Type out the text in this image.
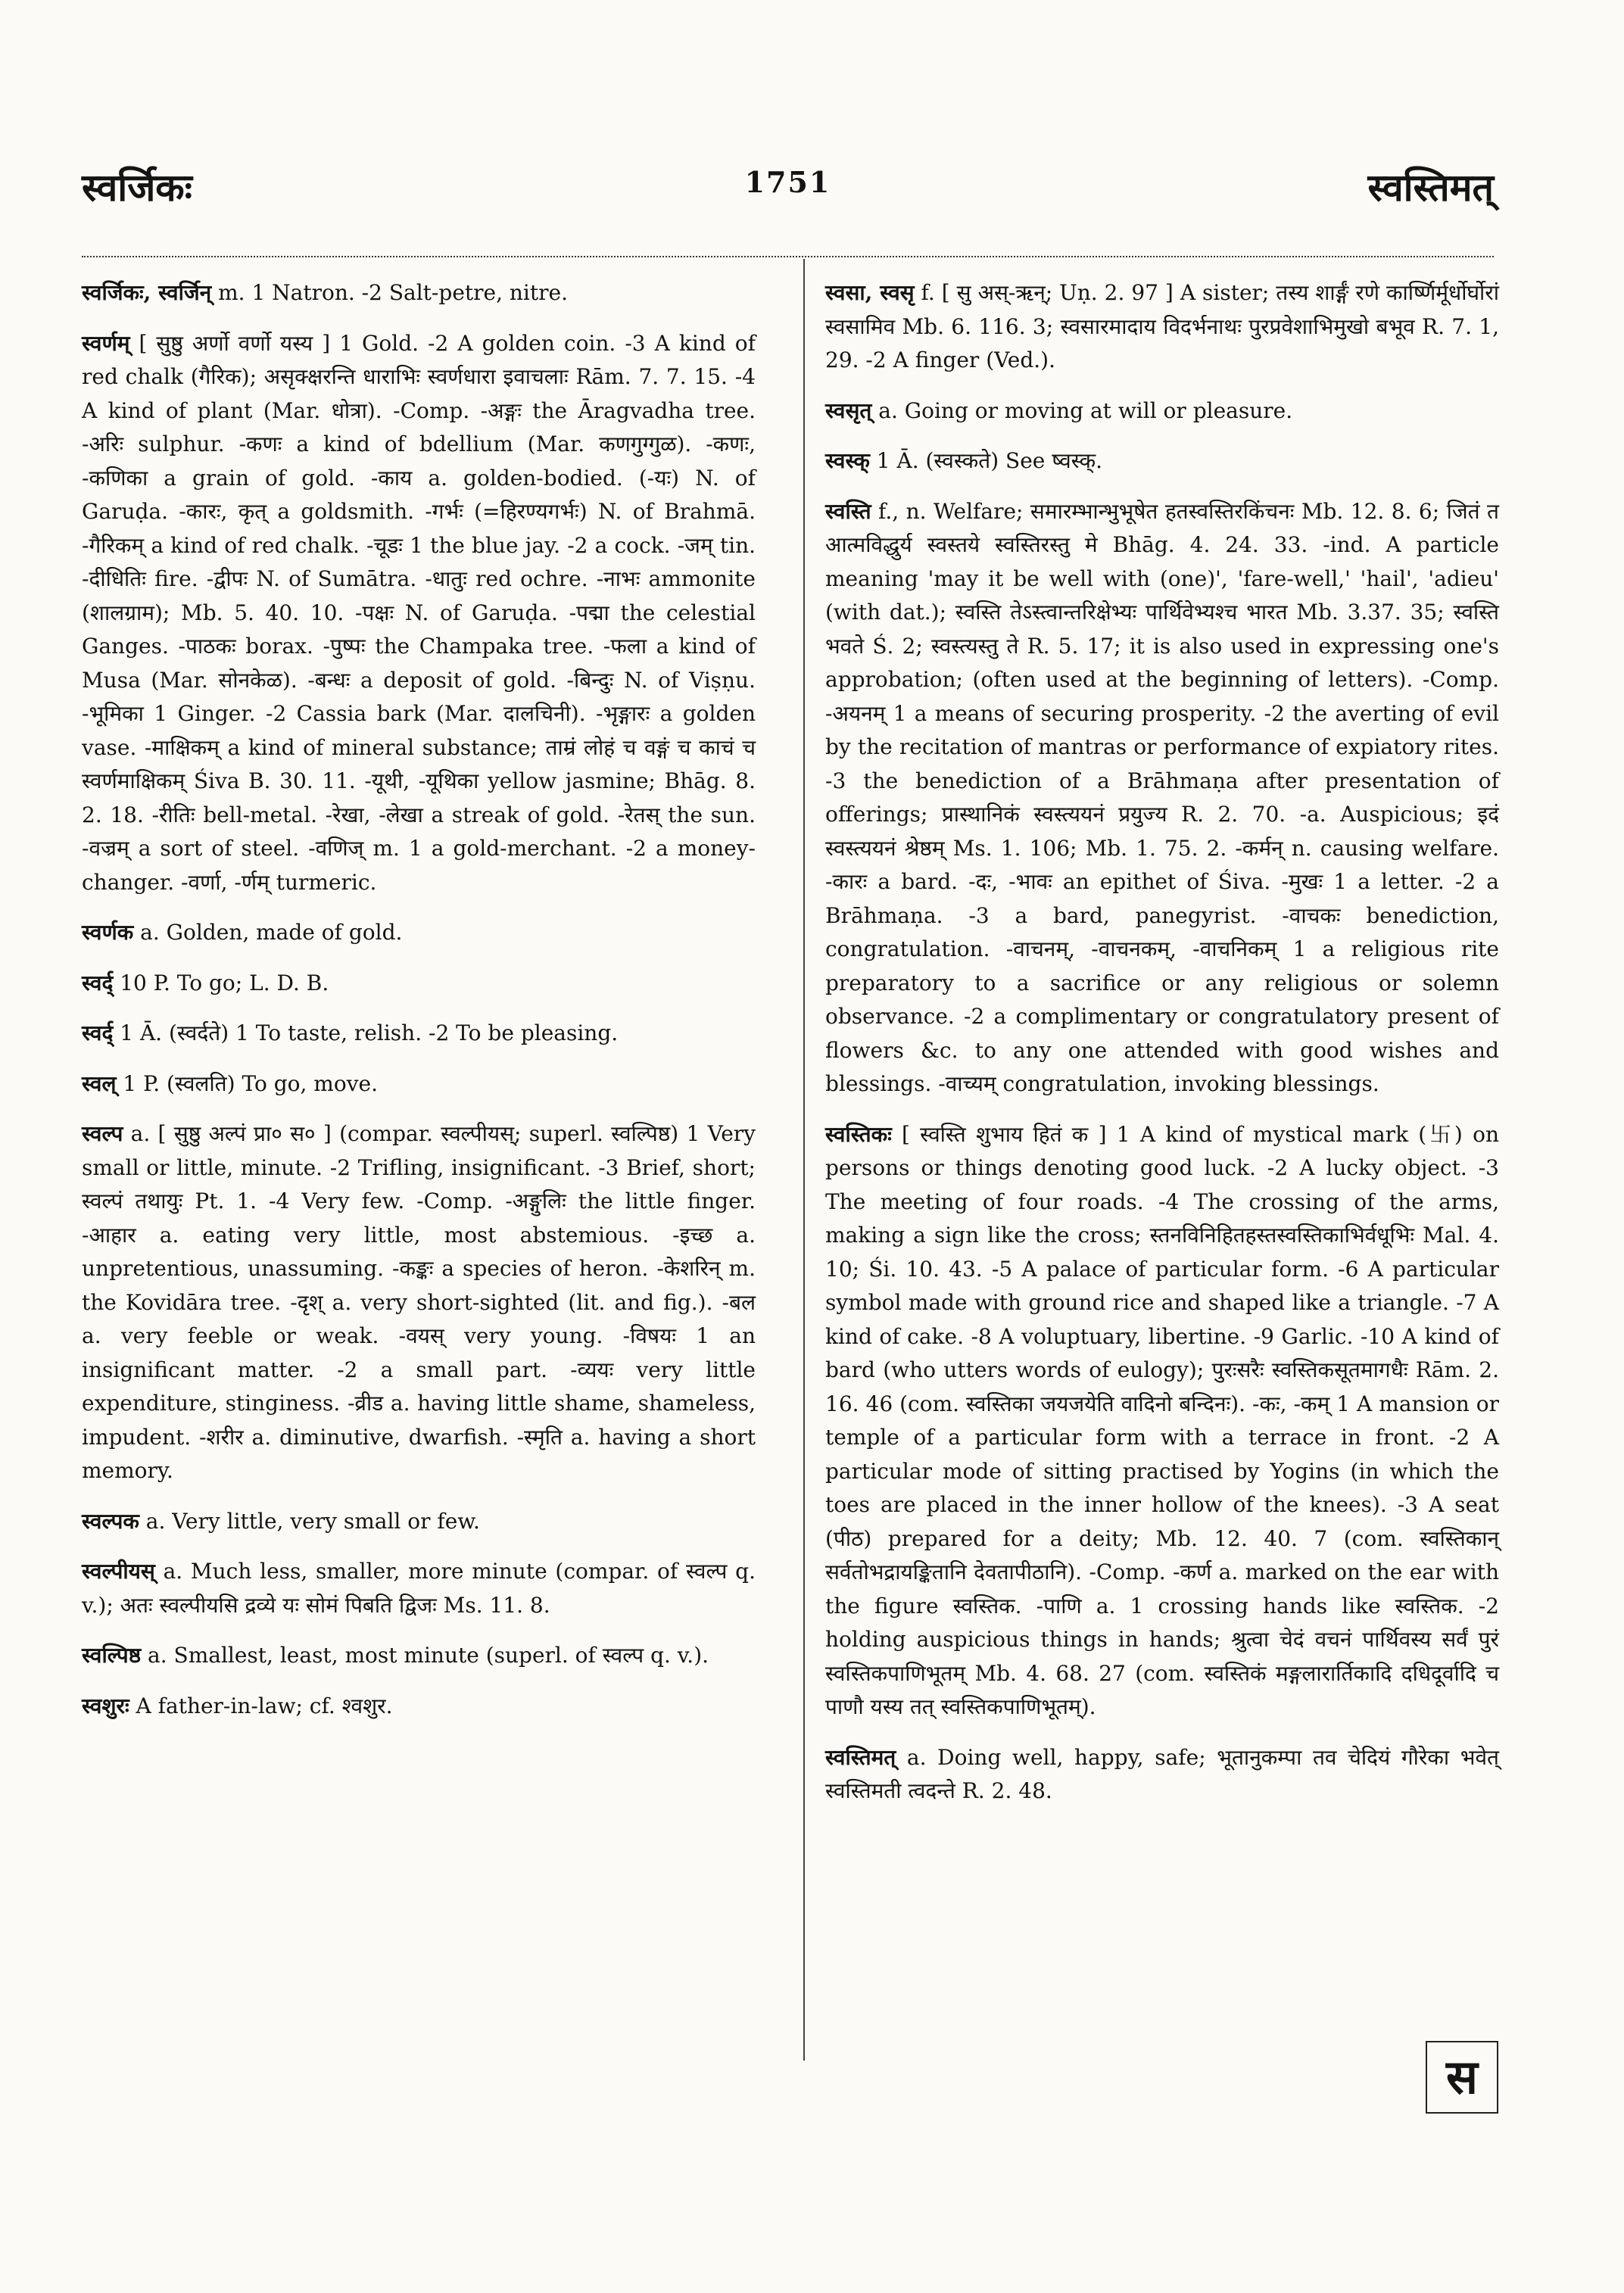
स्वर्जिकः	1751	स्वस्तिमत्

स्वर्जिकः, स्वर्जिन् m. 1 Natron. -2 Salt-petre, nitre.

स्वर्णम् [ सुष्ठु अर्णो वर्णो यस्य ] 1 Gold. -2 A golden coin. -3 A kind of red chalk (गैरिक); असृक्क्षरन्ति धाराभिः स्वर्णधारा इवाचलाः Rām. 7. 7. 15. -4 A kind of plant (Mar. धोत्रा). -Comp. -अङ्गः the Āragvadha tree. -अरिः sulphur. -कणः a kind of bdellium (Mar. कणगुग्गुळ). -कणः, -कणिका a grain of gold. -काय a. golden-bodied. (-यः) N. of Garuḍa. -कारः, कृत् a goldsmith. -गर्भः (=हिरण्यगर्भः) N. of Brahmā. -गैरिकम् a kind of red chalk. -चूडः 1 the blue jay. -2 a cock. -जम् tin. -दीधितिः fire. -द्वीपः N. of Sumātra. -धातुः red ochre. -नाभः ammonite (शालग्राम); Mb. 5. 40. 10. -पक्षः N. of Garuḍa. -पद्मा the celestial Ganges. -पाठकः borax. -पुष्पः the Champaka tree. -फला a kind of Musa (Mar. सोनकेळ). -बन्धः a deposit of gold. -बिन्दुः N. of Viṣṇu. -भूमिका 1 Ginger. -2 Cassia bark (Mar. दालचिनी). -भृङ्गारः a golden vase. -माक्षिकम् a kind of mineral substance; ताम्रं लोहं च वङ्गं च काचं च स्वर्णमाक्षिकम् Śiva B. 30. 11. -यूथी, -यूथिका yellow jasmine; Bhāg. 8. 2. 18. -रीतिः bell-metal. -रेखा, -लेखा a streak of gold. -रेतस् the sun. -वज्रम् a sort of steel. -वणिज् m. 1 a gold-merchant. -2 a money-changer. -वर्णा, -र्णम् turmeric.

स्वर्णक a. Golden, made of gold.

स्वर्द् 10 P. To go; L. D. B.

स्वर्द् 1 Ā. (स्वर्दते) 1 To taste, relish. -2 To be pleasing.

स्वल् 1 P. (स्वलति) To go, move.

स्वल्प a. [ सुष्ठु अल्पं प्रा० स० ] (compar. स्वल्पीयस्; superl. स्वल्पिष्ठ) 1 Very small or little, minute. -2 Trifling, insignificant. -3 Brief, short; स्वल्पं तथायुः Pt. 1. -4 Very few. -Comp. -अङ्गुलिः the little finger. -आहार a. eating very little, most abstemious. -इच्छ a. unpretentious, unassuming. -कङ्कः a species of heron. -केशरिन् m. the Kovidāra tree. -दृश् a. very short-sighted (lit. and fig.). -बल a. very feeble or weak. -वयस् very young. -विषयः 1 an insignificant matter. -2 a small part. -व्ययः very little expenditure, stinginess. -व्रीड a. having little shame, shameless, impudent. -शरीर a. diminutive, dwarfish. -स्मृति a. having a short memory.

स्वल्पक a. Very little, very small or few.

स्वल्पीयस् a. Much less, smaller, more minute (compar. of स्वल्प q. v.); अतः स्वल्पीयसि द्रव्ये यः सोमं पिबति द्विजः Ms. 11. 8.

स्वल्पिष्ठ a. Smallest, least, most minute (superl. of स्वल्प q. v.).

स्वशुरः A father-in-law; cf. श्वशुर.

स्वसा, स्वसृ f. [ सु अस्-ऋन्; Uṇ. 2. 97 ] A sister; तस्य शार्ङ्गं रणे कार्ष्णिर्मूर्धोर्घोरां स्वसामिव Mb. 6. 116. 3; स्वसारमादाय विदर्भनाथः पुरप्रवेशाभिमुखो बभूव R. 7. 1, 29. -2 A finger (Ved.).

स्वसृत् a. Going or moving at will or pleasure.

स्वस्क् 1 Ā. (स्वस्कते) See ष्वस्क्.

स्वस्ति f., n. Welfare; समारम्भान्भुभूषेत हतस्वस्तिरकिंचनः Mb. 12. 8. 6; जितं त आत्मविद्धुर्य स्वस्तये स्वस्तिरस्तु मे Bhāg. 4. 24. 33. -ind. A particle meaning 'may it be well with (one)', 'fare-well,' 'hail', 'adieu' (with dat.); स्वस्ति तेऽस्त्वान्तरिक्षेभ्यः पार्थिवेभ्यश्च भारत Mb. 3.37. 35; स्वस्ति भवते Ś. 2; स्वस्त्यस्तु ते R. 5. 17; it is also used in expressing one's approbation; (often used at the beginning of letters). -Comp. -अयनम् 1 a means of securing prosperity. -2 the averting of evil by the recitation of mantras or performance of expiatory rites. -3 the benediction of a Brāhmaṇa after presentation of offerings; प्रास्थानिकं स्वस्त्ययनं प्रयुज्य R. 2. 70. -a. Auspicious; इदं स्वस्त्ययनं श्रेष्ठम् Ms. 1. 106; Mb. 1. 75. 2. -कर्मन् n. causing welfare. -कारः a bard. -दः, -भावः an epithet of Śiva. -मुखः 1 a letter. -2 a Brāhmaṇa. -3 a bard, panegyrist. -वाचकः benediction, congratulation. -वाचनम्, -वाचनकम्, -वाचनिकम् 1 a religious rite preparatory to a sacrifice or any religious or solemn observance. -2 a complimentary or congratulatory present of flowers &c. to any one attended with good wishes and blessings. -वाच्यम् congratulation, invoking blessings.

स्वस्तिकः [ स्वस्ति शुभाय हितं क ] 1 A kind of mystical mark (卐) on persons or things denoting good luck. -2 A lucky object. -3 The meeting of four roads. -4 The crossing of the arms, making a sign like the cross; स्तनविनिहितहस्तस्वस्तिकाभिर्वधूभिः Mal. 4. 10; Śi. 10. 43. -5 A palace of particular form. -6 A particular symbol made with ground rice and shaped like a triangle. -7 A kind of cake. -8 A voluptuary, libertine. -9 Garlic. -10 A kind of bard (who utters words of eulogy); पुरःसरैः स्वस्तिकसूतमागधैः Rām. 2. 16. 46 (com. स्वस्तिका जयजयेति वादिनो बन्दिनः). -कः, -कम् 1 A mansion or temple of a particular form with a terrace in front. -2 A particular mode of sitting practised by Yogins (in which the toes are placed in the inner hollow of the knees). -3 A seat (पीठ) prepared for a deity; Mb. 12. 40. 7 (com. स्वस्तिकान् सर्वतोभद्रायङ्कितानि देवतापीठानि). -Comp. -कर्ण a. marked on the ear with the figure स्वस्तिक. -पाणि a. 1 crossing hands like स्वस्तिक. -2 holding auspicious things in hands; श्रुत्वा चेदं वचनं पार्थिवस्य सर्वं पुरं स्वस्तिकपाणिभूतम् Mb. 4. 68. 27 (com. स्वस्तिकं मङ्गलारार्तिकादि दधिदूर्वादि च पाणौ यस्य तत् स्वस्तिकपाणिभूतम्).

स्वस्तिमत् a. Doing well, happy, safe; भूतानुकम्पा तव चेदियं गौरेका भवेत् स्वस्तिमती त्वदन्ते R. 2. 48.

स
